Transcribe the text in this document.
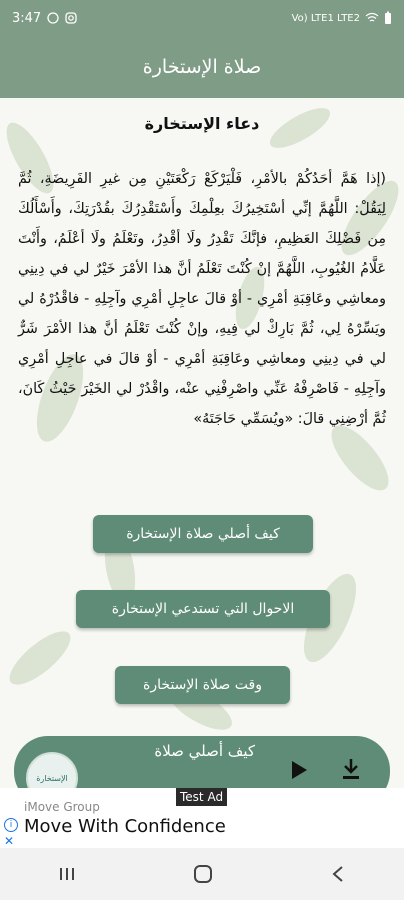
3:47	Vo) LTE1 LTE2
صلاة الإستخارة
دعاء الإستخارة
(إذا هَمَّ أحَدُكُمْ بالأمْرِ، فَلْيَرْكَعْ رَكْعَتَيْنِ مِن غيرِ الفَرِيضَةِ، ثُمَّ لِيَقُلْ: اللَّهُمَّ إنِّي أسْتَخِيرُكَ بعِلْمِكَ وأَسْتَقْدِرُكَ بقُدْرَتِكَ، وأَسْأَلُكَ مِن فَضْلِكَ العَظِيمِ، فإنَّكَ تَقْدِرُ ولَا أقْدِرُ، وتَعْلَمُ ولَا أعْلَمُ، وأَنْتَ عَلَّامُ الغُيُوبِ، اللَّهُمَّ إنْ كُنْتَ تَعْلَمُ أنَّ هذا الأمْرَ خَيْرٌ لي في دِينِي ومعاشِي وعَاقِبَةِ أمْرِي - أوْ قالَ عاجِلِ أمْرِي وآجِلِهِ - فاقْدُرْهُ لي ويَسِّرْهُ لِي، ثُمَّ بَارِكْ لي فِيهِ، وإنْ كُنْتَ تَعْلَمُ أنَّ هذا الأمْرَ شَرٌّ لي في دِينِي ومعاشِي وعَاقِبَةِ أمْرِي - أوْ قالَ في عاجِلِ أمْرِي وآجِلِهِ - فَاصْرِفْهُ عَنِّي واصْرِفْنِي عنْه، واقْدُرْ لي الخَيْرَ حَيْثُ كَانَ، ثُمَّ أرْضِنِي قالَ: «ويُسَمِّي حَاجَتَهُ»
كيف أصلي صلاة الإستخارة
الاحوال التي تستدعي الإستخارة
وقت صلاة الإستخارة
الإستخارة
كيف أصلي صلاة
iMove Group
Move With Confidence
i
✕
Test Ad
